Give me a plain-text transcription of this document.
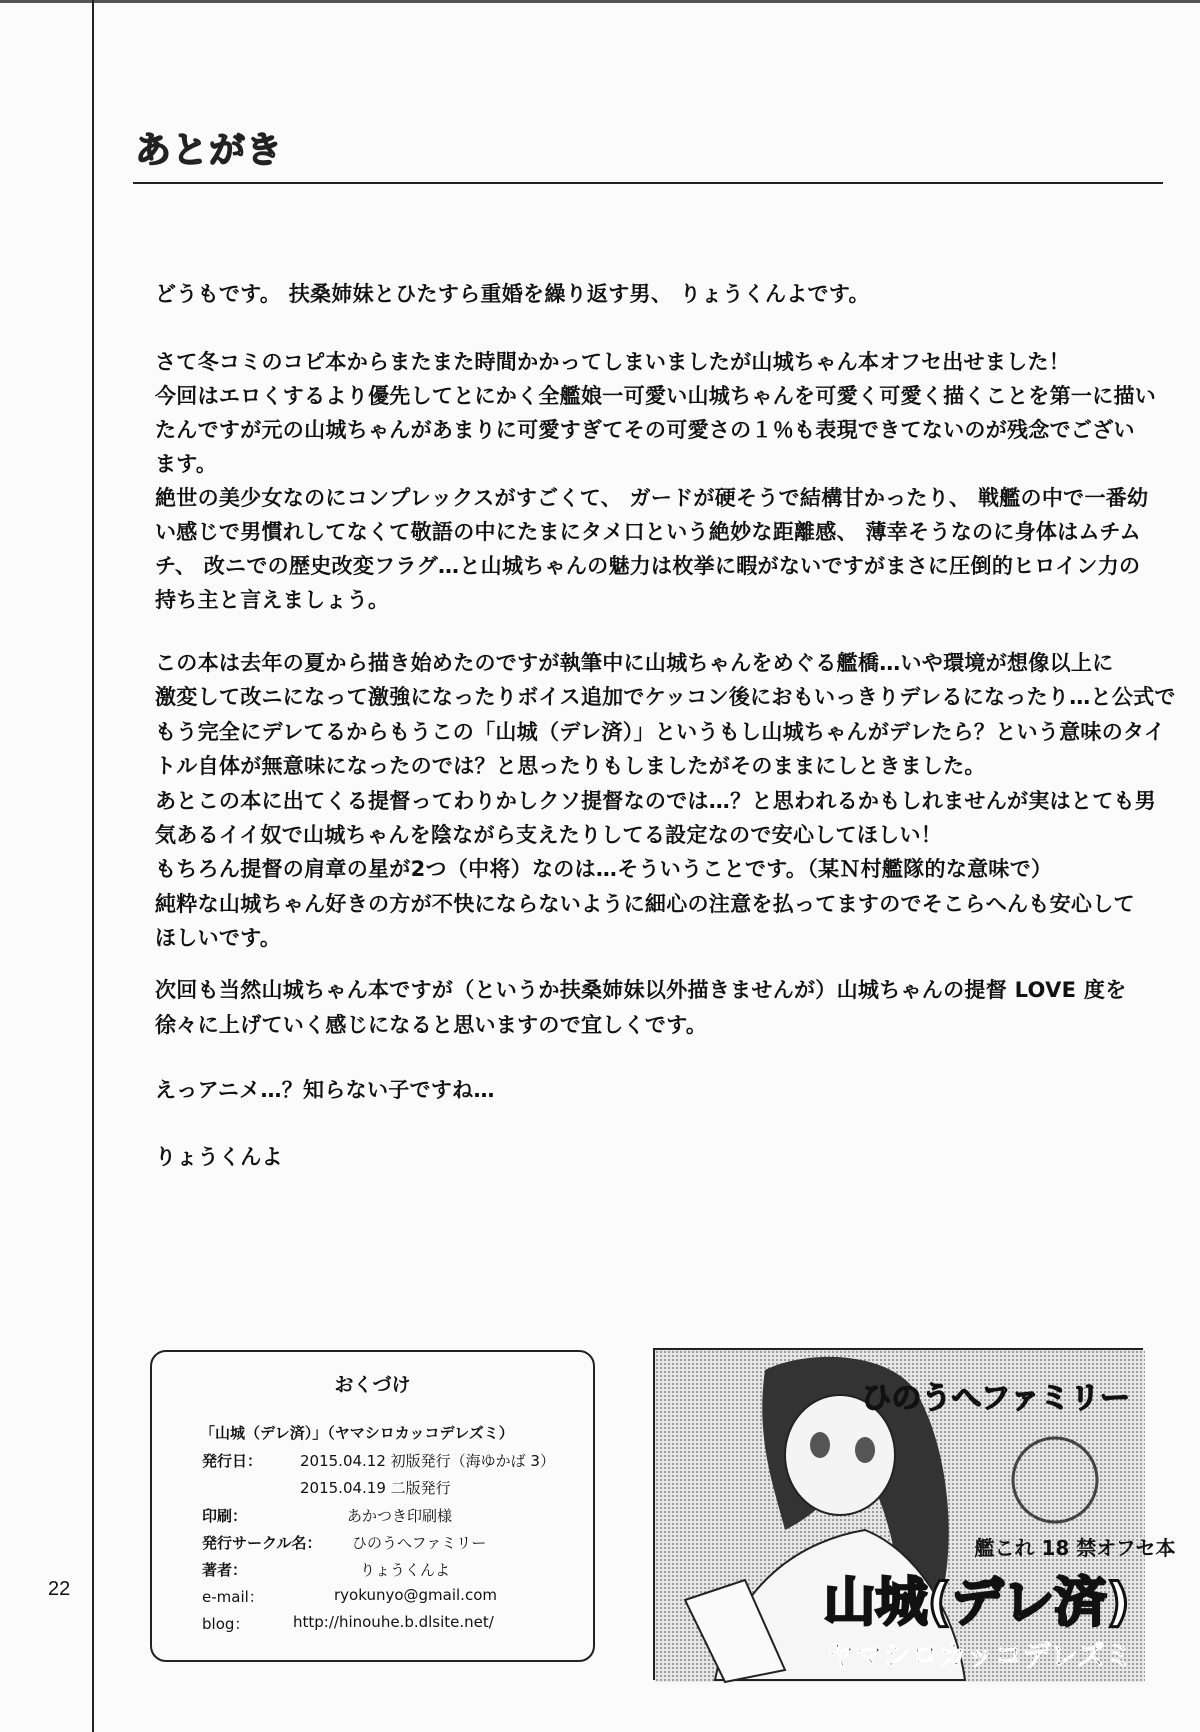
あとがき
どうもです。 扶桑姉妹とひたすら重婚を繰り返す男、 りょうくんよです。
さて冬コミのコピ本からまたまた時間かかってしまいましたが山城ちゃん本オフセ出せました！
今回はエロくするより優先してとにかく全艦娘一可愛い山城ちゃんを可愛く可愛く描くことを第一に描い
たんですが元の山城ちゃんがあまりに可愛すぎてその可愛さの１％も表現できてないのが残念でござい
ます。
絶世の美少女なのにコンプレックスがすごくて、 ガードが硬そうで結構甘かったり、 戦艦の中で一番幼
い感じで男慣れしてなくて敬語の中にたまにタメ口という絶妙な距離感、 薄幸そうなのに身体はムチム
チ、 改ニでの歴史改変フラグ…と山城ちゃんの魅力は枚挙に暇がないですがまさに圧倒的ヒロイン力の
持ち主と言えましょう。
この本は去年の夏から描き始めたのですが執筆中に山城ちゃんをめぐる艦橋…いや環境が想像以上に
激変して改ニになって激強になったりボイス追加でケッコン後におもいっきりデレるになったり…と公式で
もう完全にデレてるからもうこの「山城（デレ済）」というもし山城ちゃんがデレたら？という意味のタイ
トル自体が無意味になったのでは？と思ったりもしましたがそのままにしときました。
あとこの本に出てくる提督ってわりかしクソ提督なのでは…？と思われるかもしれませんが実はとても男
気あるイイ奴で山城ちゃんを陰ながら支えたりしてる設定なので安心してほしい！
もちろん提督の肩章の星が2つ（中将）なのは…そういうことです。（某Ｎ村艦隊的な意味で）
純粋な山城ちゃん好きの方が不快にならないように細心の注意を払ってますのでそこらへんも安心して
ほしいです。
次回も当然山城ちゃん本ですが（というか扶桑姉妹以外描きませんが）山城ちゃんの提督 LOVE 度を
徐々に上げていく感じになると思いますので宜しくです。
えっアニメ…？知らない子ですね…
りょうくんよ
おくづけ
「山城（デレ済）」（ヤマシロカッコデレズミ）
発行日：	2015.04.12 初版発行（海ゆかば 3）
2015.04.19 二版発行
印刷：	あかつき印刷様
発行サークル名： ひのうへファミリー
著者：	りょうくんよ
e-mail：	ryokunyo@gmail.com
blog：	http://hinouhe.b.dlsite.net/
ひのうへファミリー
艦これ 18 禁オフセ本
山城(デレ済)
ヤマシロカッコデレズミ
22
